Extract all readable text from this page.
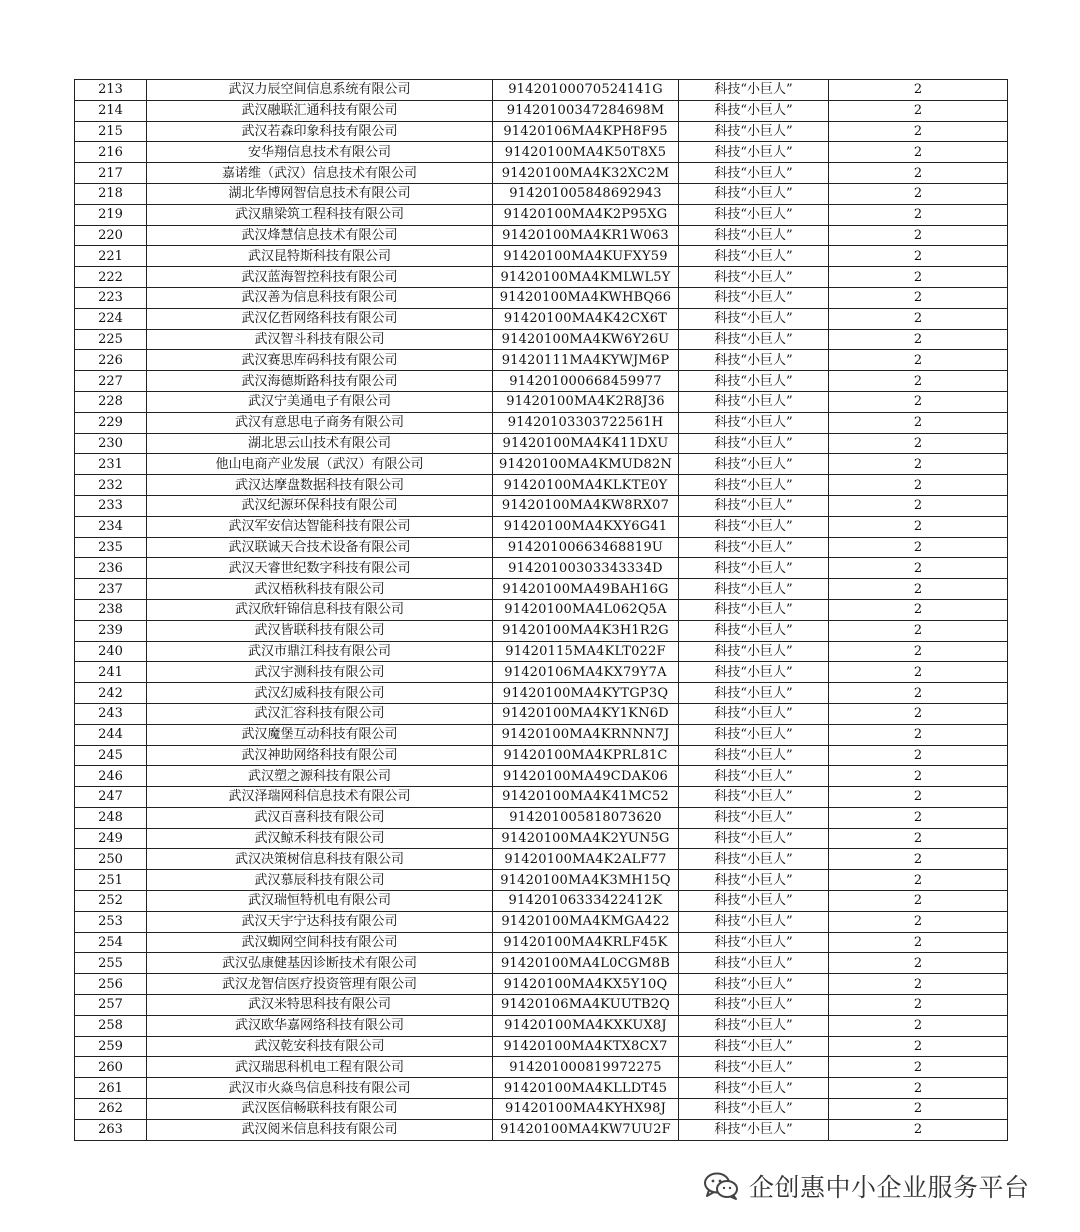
213	武汉力辰空间信息系统有限公司	91420100070524141G	科技“小巨人”	2
214	武汉融联汇通科技有限公司	91420100347284698M	科技“小巨人”	2
215	武汉若森印象科技有限公司	91420106MA4KPH8F95	科技“小巨人”	2
216	安华翔信息技术有限公司	91420100MA4K50T8X5	科技“小巨人”	2
217	嘉诺维（武汉）信息技术有限公司	91420100MA4K32XC2M	科技“小巨人”	2
218	湖北华博网智信息技术有限公司	914201005848692943	科技“小巨人”	2
219	武汉鼎梁筑工程科技有限公司	91420100MA4K2P95XG	科技“小巨人”	2
220	武汉烽慧信息技术有限公司	91420100MA4KR1W063	科技“小巨人”	2
221	武汉昆特斯科技有限公司	91420100MA4KUFXY59	科技“小巨人”	2
222	武汉蓝海智控科技有限公司	91420100MA4KMLWL5Y	科技“小巨人”	2
223	武汉善为信息科技有限公司	91420100MA4KWHBQ66	科技“小巨人”	2
224	武汉亿哲网络科技有限公司	91420100MA4K42CX6T	科技“小巨人”	2
225	武汉智斗科技有限公司	91420100MA4KW6Y26U	科技“小巨人”	2
226	武汉赛思库码科技有限公司	91420111MA4KYWJM6P	科技“小巨人”	2
227	武汉海德斯路科技有限公司	914201000668459977	科技“小巨人”	2
228	武汉宁美通电子有限公司	91420100MA4K2R8J36	科技“小巨人”	2
229	武汉有意思电子商务有限公司	91420103303722561H	科技“小巨人”	2
230	湖北思云山技术有限公司	91420100MA4K411DXU	科技“小巨人”	2
231	他山电商产业发展（武汉）有限公司	91420100MA4KMUD82N	科技“小巨人”	2
232	武汉达摩盘数据科技有限公司	91420100MA4KLKTE0Y	科技“小巨人”	2
233	武汉纪源环保科技有限公司	91420100MA4KW8RX07	科技“小巨人”	2
234	武汉军安信达智能科技有限公司	91420100MA4KXY6G41	科技“小巨人”	2
235	武汉联诚天合技术设备有限公司	91420100663468819U	科技“小巨人”	2
236	武汉天睿世纪数字科技有限公司	91420100303343334D	科技“小巨人”	2
237	武汉梧秋科技有限公司	91420100MA49BAH16G	科技“小巨人”	2
238	武汉欣轩锦信息科技有限公司	91420100MA4L062Q5A	科技“小巨人”	2
239	武汉皆联科技有限公司	91420100MA4K3H1R2G	科技“小巨人”	2
240	武汉市鼎江科技有限公司	91420115MA4KLT022F	科技“小巨人”	2
241	武汉宇测科技有限公司	91420106MA4KX79Y7A	科技“小巨人”	2
242	武汉幻威科技有限公司	91420100MA4KYTGP3Q	科技“小巨人”	2
243	武汉汇容科技有限公司	91420100MA4KY1KN6D	科技“小巨人”	2
244	武汉魔堡互动科技有限公司	91420100MA4KRNNN7J	科技“小巨人”	2
245	武汉神助网络科技有限公司	91420100MA4KPRL81C	科技“小巨人”	2
246	武汉塑之源科技有限公司	91420100MA49CDAK06	科技“小巨人”	2
247	武汉泽瑞网科信息技术有限公司	91420100MA4K41MC52	科技“小巨人”	2
248	武汉百喜科技有限公司	914201005818073620	科技“小巨人”	2
249	武汉鲸禾科技有限公司	91420100MA4K2YUN5G	科技“小巨人”	2
250	武汉决策树信息科技有限公司	91420100MA4K2ALF77	科技“小巨人”	2
251	武汉慕辰科技有限公司	91420100MA4K3MH15Q	科技“小巨人”	2
252	武汉瑞恒特机电有限公司	91420106333422412K	科技“小巨人”	2
253	武汉天宇宁达科技有限公司	91420100MA4KMGA422	科技“小巨人”	2
254	武汉蜘网空间科技有限公司	91420100MA4KRLF45K	科技“小巨人”	2
255	武汉弘康健基因诊断技术有限公司	91420100MA4L0CGM8B	科技“小巨人”	2
256	武汉龙智信医疗投资管理有限公司	91420100MA4KX5Y10Q	科技“小巨人”	2
257	武汉米特思科技有限公司	91420106MA4KUUTB2Q	科技“小巨人”	2
258	武汉欧华嘉网络科技有限公司	91420100MA4KXKUX8J	科技“小巨人”	2
259	武汉乾安科技有限公司	91420100MA4KTX8CX7	科技“小巨人”	2
260	武汉瑞思科机电工程有限公司	914201000819972275	科技“小巨人”	2
261	武汉市火焱鸟信息科技有限公司	91420100MA4KLLDT45	科技“小巨人”	2
262	武汉医信畅联科技有限公司	91420100MA4KYHX98J	科技“小巨人”	2
263	武汉阅米信息科技有限公司	91420100MA4KW7UU2F	科技“小巨人”	2
企创惠中小企业服务平台
